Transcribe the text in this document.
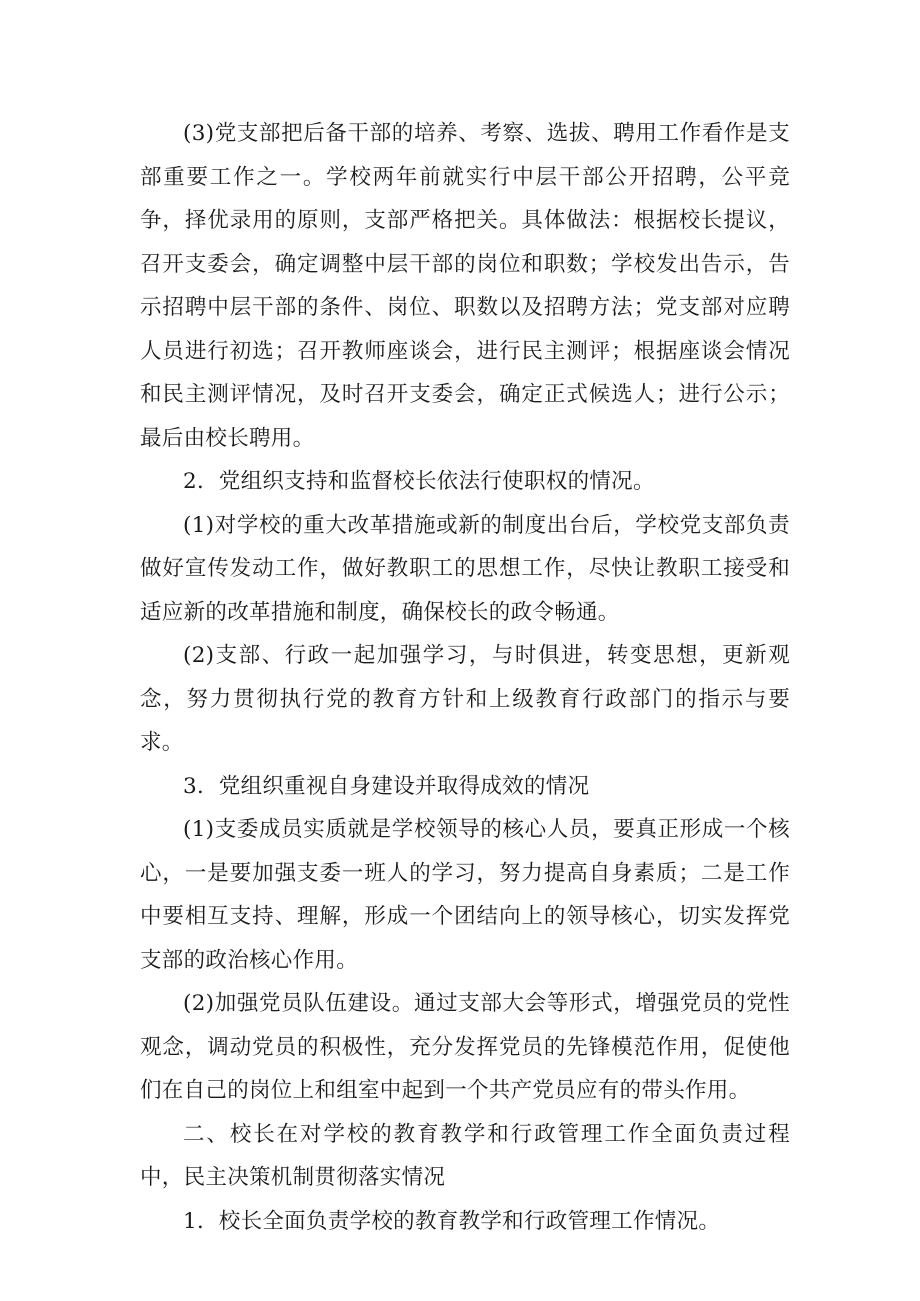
(3)党支部把后备干部的培养、考察、选拔、聘用工作看作是支部重要工作之一。学校两年前就实行中层干部公开招聘，公平竞争，择优录用的原则，支部严格把关。具体做法：根据校长提议，召开支委会，确定调整中层干部的岗位和职数；学校发出告示，告示招聘中层干部的条件、岗位、职数以及招聘方法；党支部对应聘人员进行初选；召开教师座谈会，进行民主测评；根据座谈会情况和民主测评情况，及时召开支委会，确定正式候选人；进行公示；最后由校长聘用。

2．党组织支持和监督校长依法行使职权的情况。

(1)对学校的重大改革措施或新的制度出台后，学校党支部负责做好宣传发动工作，做好教职工的思想工作，尽快让教职工接受和适应新的改革措施和制度，确保校长的政令畅通。

(2)支部、行政一起加强学习，与时俱进，转变思想，更新观念，努力贯彻执行党的教育方针和上级教育行政部门的指示与要求。

3．党组织重视自身建设并取得成效的情况

(1)支委成员实质就是学校领导的核心人员，要真正形成一个核心，一是要加强支委一班人的学习，努力提高自身素质；二是工作中要相互支持、理解，形成一个团结向上的领导核心，切实发挥党支部的政治核心作用。

(2)加强党员队伍建设。通过支部大会等形式，增强党员的党性观念，调动党员的积极性，充分发挥党员的先锋模范作用，促使他们在自己的岗位上和组室中起到一个共产党员应有的带头作用。

二、校长在对学校的教育教学和行政管理工作全面负责过程中，民主决策机制贯彻落实情况

1．校长全面负责学校的教育教学和行政管理工作情况。
